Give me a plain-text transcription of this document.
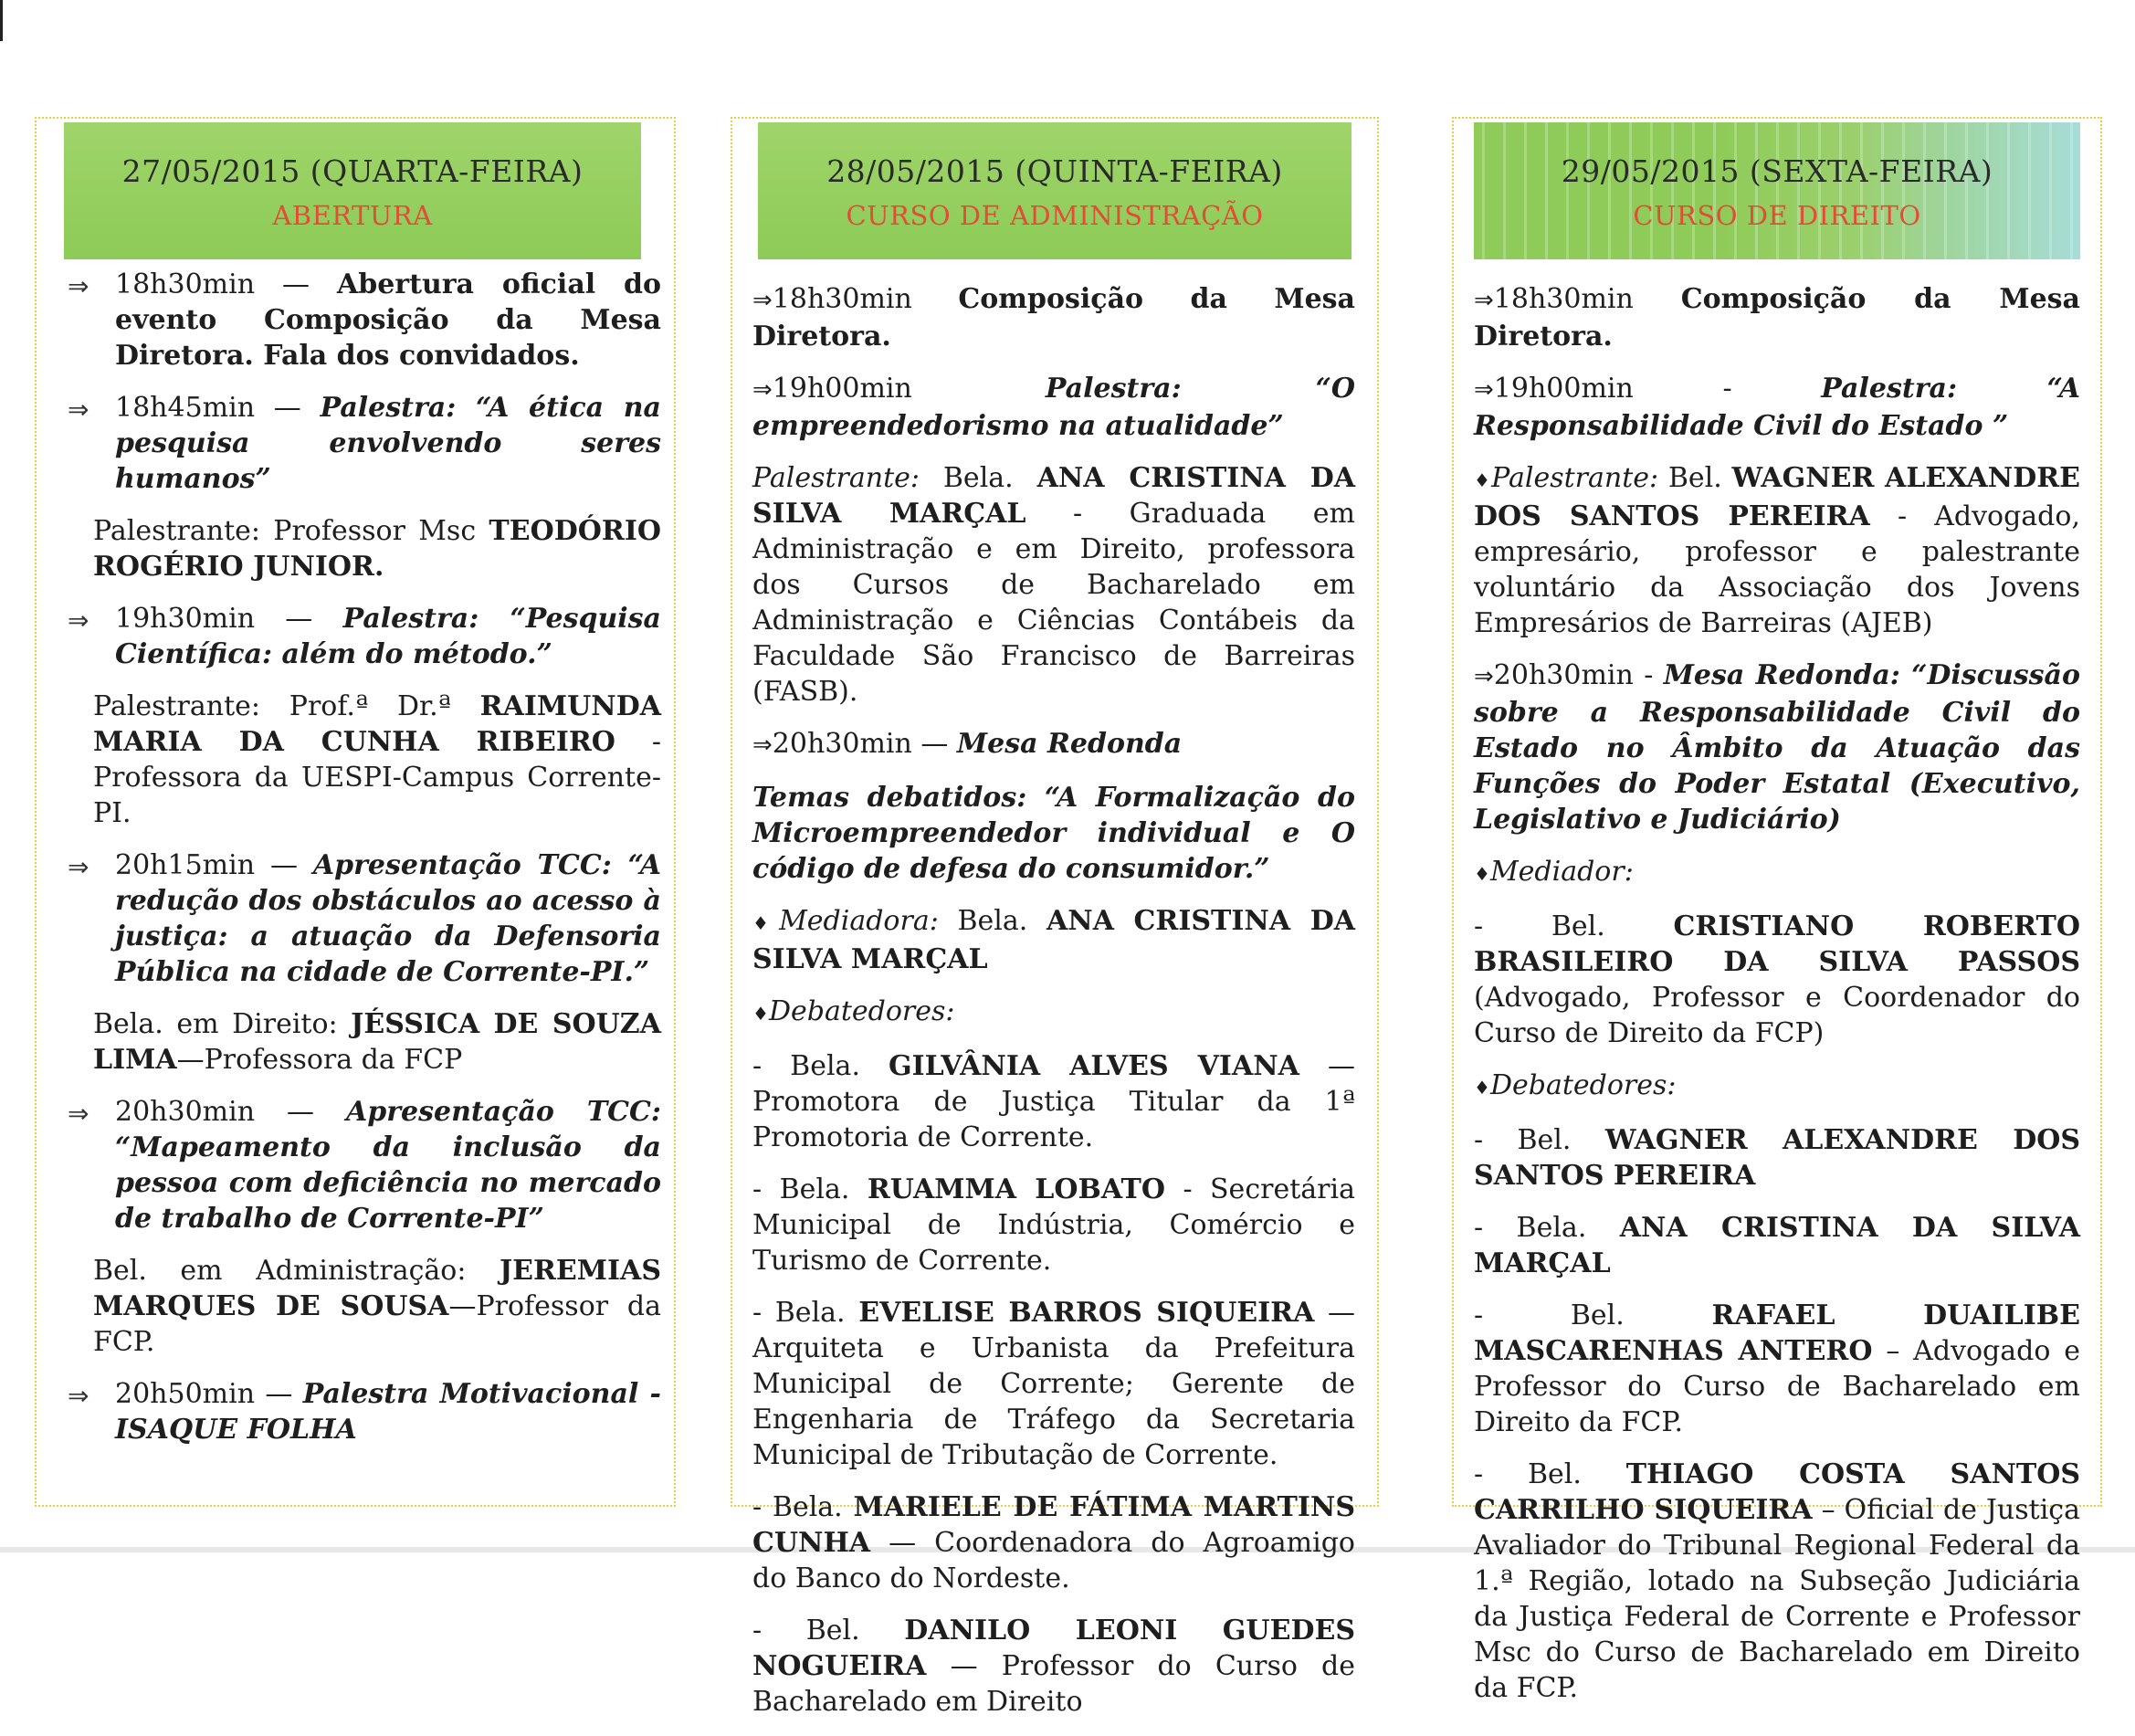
27/05/2015 (QUARTA-FEIRA)
ABERTURA
⇒ 18h30min — Abertura oficial do evento Composição da Mesa Diretora. Fala dos convidados.
⇒ 18h45min — Palestra: “A ética na pesquisa envolvendo seres humanos”
Palestrante: Professor Msc TEODÓRIO ROGÉRIO JUNIOR.
⇒ 19h30min — Palestra: “Pesquisa Científica: além do método.”
Palestrante: Prof.ª Dr.ª RAIMUNDA MARIA DA CUNHA RIBEIRO - Professora da UESPI-Campus Corrente-PI.
⇒ 20h15min — Apresentação TCC: “A redução dos obstáculos ao acesso à justiça: a atuação da Defensoria Pública na cidade de Corrente-PI.”
Bela. em Direito: JÉSSICA DE SOUZA LIMA—Professora da FCP
⇒ 20h30min — Apresentação TCC: “Mapeamento da inclusão da pessoa com deficiência no mercado de trabalho de Corrente-PI”
Bel. em Administração: JEREMIAS MARQUES DE SOUSA—Professor da FCP.
⇒ 20h50min — Palestra Motivacional - ISAQUE FOLHA
28/05/2015 (QUINTA-FEIRA)
CURSO DE ADMINISTRAÇÃO
⇒18h30min Composição da Mesa Diretora.
⇒19h00min	Palestra: “O empreendedorismo na atualidade”
Palestrante: Bela. ANA CRISTINA DA SILVA MARÇAL - Graduada em Administração e em Direito, professora dos Cursos de Bacharelado em Administração e Ciências Contábeis da Faculdade São Francisco de Barreiras (FASB).
⇒20h30min — Mesa Redonda
Temas debatidos: “A Formalização do Microempreendedor individual e O código de defesa do consumidor.”
♦Mediadora: Bela. ANA CRISTINA DA SILVA MARÇAL
♦Debatedores:
- Bela. GILVÂNIA ALVES VIANA — Promotora de Justiça Titular da 1ª Promotoria de Corrente.
- Bela. RUAMMA LOBATO - Secretária Municipal de Indústria, Comércio e Turismo de Corrente.
- Bela. EVELISE BARROS SIQUEIRA — Arquiteta e Urbanista da Prefeitura Municipal de Corrente; Gerente de Engenharia de Tráfego da Secretaria Municipal de Tributação de Corrente.
- Bela. MARIELE DE FÁTIMA MARTINS CUNHA — Coordenadora do Agroamigo do Banco do Nordeste.
- Bel. DANILO LEONI GUEDES NOGUEIRA — Professor do Curso de Bacharelado em Direito
29/05/2015 (SEXTA-FEIRA)
CURSO DE DIREITO
⇒18h30min Composição da Mesa Diretora.
⇒19h00min	-	Palestra: “A Responsabilidade Civil do Estado ”
♦Palestrante: Bel. WAGNER ALEXANDRE DOS SANTOS PEREIRA - Advogado, empresário, professor e palestrante voluntário da Associação dos Jovens Empresários de Barreiras (AJEB)
⇒20h30min - Mesa Redonda: “Discussão sobre a Responsabilidade Civil do Estado no Âmbito da Atuação das Funções do Poder Estatal (Executivo, Legislativo e Judiciário)
♦Mediador:
- Bel. CRISTIANO ROBERTO BRASILEIRO DA SILVA PASSOS (Advogado, Professor e Coordenador do Curso de Direito da FCP)
♦Debatedores:
- Bel. WAGNER ALEXANDRE DOS SANTOS PEREIRA
- Bela. ANA CRISTINA DA SILVA MARÇAL
- Bel.	RAFAEL DUAILIBE MASCARENHAS ANTERO – Advogado e Professor do Curso de Bacharelado em Direito da FCP.
- Bel. THIAGO COSTA SANTOS CARRILHO SIQUEIRA – Oficial de Justiça Avaliador do Tribunal Regional Federal da 1.ª Região, lotado na Subseção Judiciária da Justiça Federal de Corrente e Professor Msc do Curso de Bacharelado em Direito da FCP.
